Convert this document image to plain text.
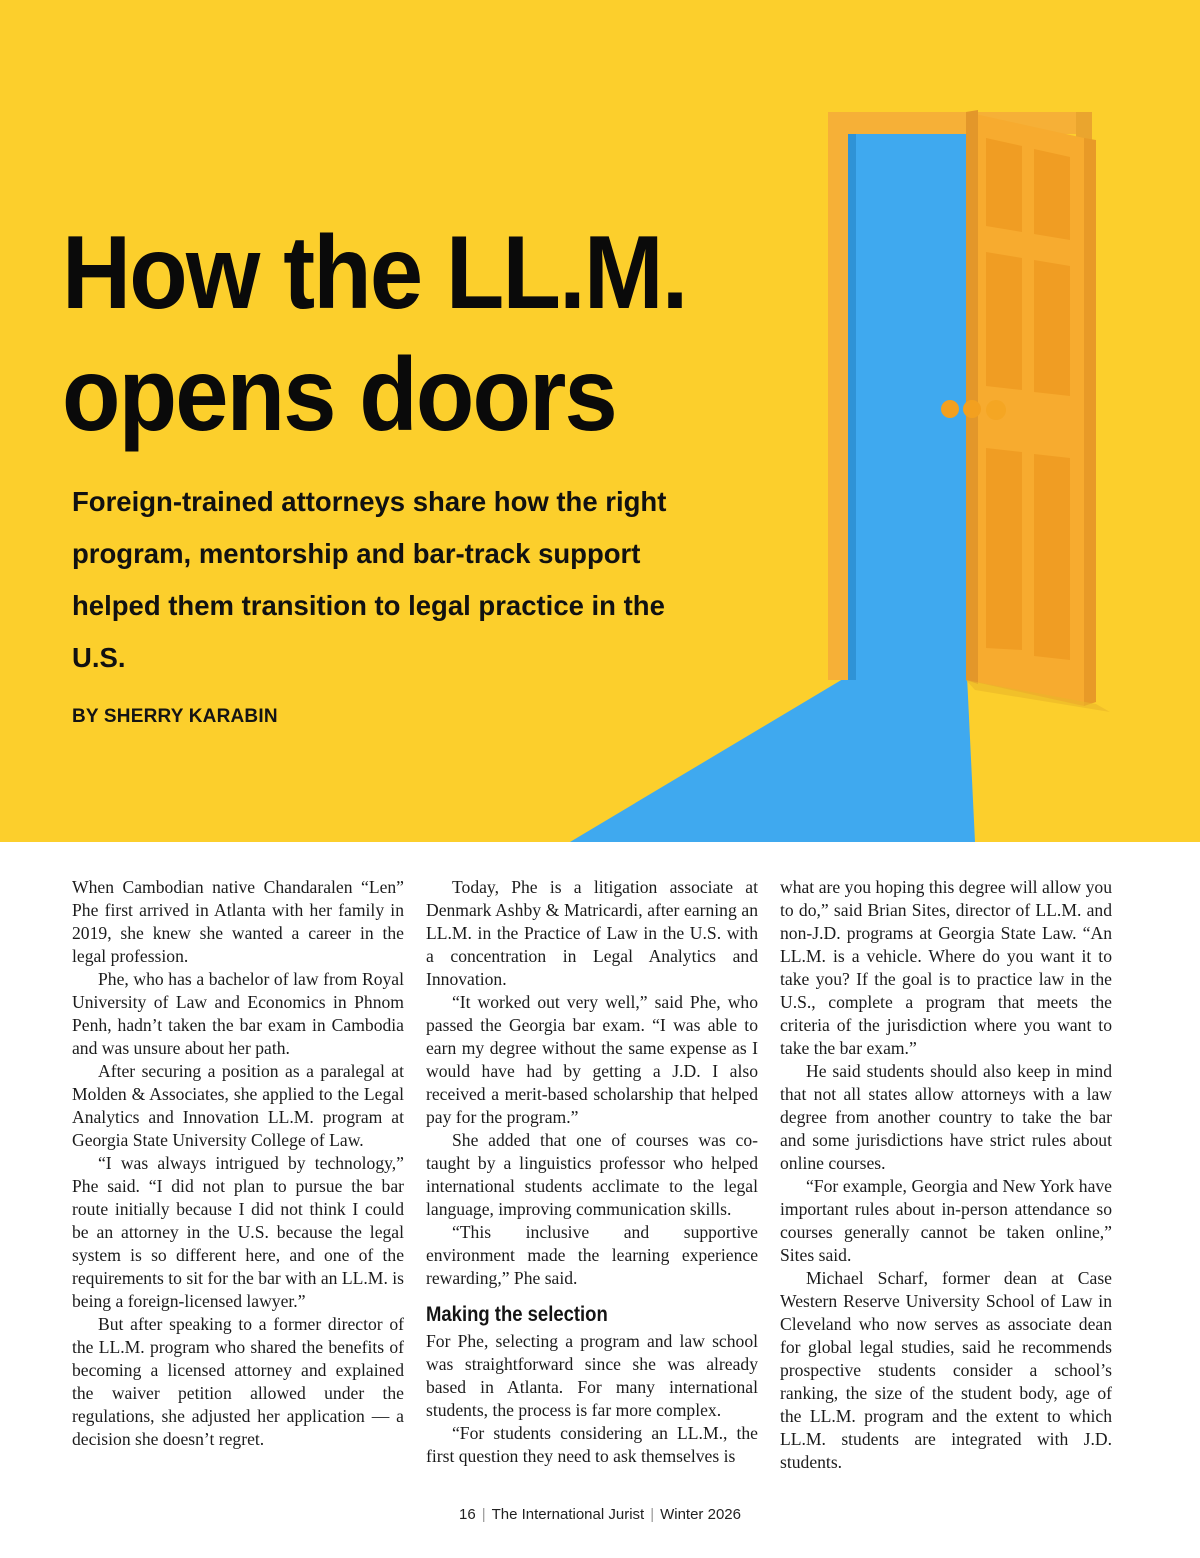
How the LL.M.
opens doors
Foreign-trained attorneys share how the right program, mentorship and bar-track support helped them transition to legal practice in the U.S.
BY SHERRY KARABIN

When Cambodian native Chandaralen “Len” Phe first arrived in Atlanta with her family in 2019, she knew she wanted a career in the legal profession.

Phe, who has a bachelor of law from Royal University of Law and Economics in Phnom Penh, hadn’t taken the bar exam in Cambodia and was unsure about her path.

After securing a position as a paralegal at Molden & Associates, she applied to the Legal Analytics and Innovation LL.M. program at Georgia State University College of Law.

“I was always intrigued by technology,” Phe said. “I did not plan to pursue the bar route initially because I did not think I could be an attorney in the U.S. because the legal system is so different here, and one of the requirements to sit for the bar with an LL.M. is being a foreign-licensed lawyer.”

But after speaking to a former director of the LL.M. program who shared the benefits of becoming a licensed attorney and explained the waiver petition allowed under the regulations, she adjusted her application — a decision she doesn’t regret.

Today, Phe is a litigation associate at Denmark Ashby & Matricardi, after earning an LL.M. in the Practice of Law in the U.S. with a concentration in Legal Analytics and Innovation.

“It worked out very well,” said Phe, who passed the Georgia bar exam. “I was able to earn my degree without the same expense as I would have had by getting a J.D. I also received a merit-based scholarship that helped pay for the program.”

She added that one of courses was co-taught by a linguistics professor who helped international students acclimate to the legal language, improving communication skills.

“This inclusive and supportive environment made the learning experience rewarding,” Phe said.

Making the selection

For Phe, selecting a program and law school was straightforward since she was already based in Atlanta. For many international students, the process is far more complex.

“For students considering an LL.M., the first question they need to ask themselves is

what are you hoping this degree will allow you to do,” said Brian Sites, director of LL.M. and non-J.D. programs at Georgia State Law. “An LL.M. is a vehicle. Where do you want it to take you? If the goal is to practice law in the U.S., complete a program that meets the criteria of the jurisdiction where you want to take the bar exam.”

He said students should also keep in mind that not all states allow attorneys with a law degree from another country to take the bar and some jurisdictions have strict rules about online courses.

“For example, Georgia and New York have important rules about in-person attendance so courses generally cannot be taken online,” Sites said.

Michael Scharf, former dean at Case Western Reserve University School of Law in Cleveland who now serves as associate dean for global legal studies, said he recommends prospective students consider a school’s ranking, the size of the student body, age of the LL.M. program and the extent to which LL.M. students are integrated with J.D. students.

16 | The International Jurist | Winter 2026
